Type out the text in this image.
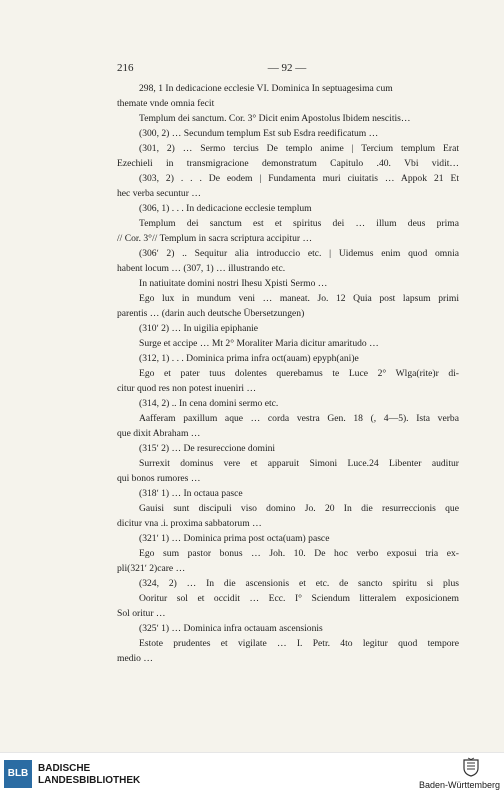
216	— 92 —
298, 1 In dedicacione ecclesie VI. Dominica In septuagesima cum
themate vnde omnia fecit
Templum dei sanctum. Cor. 3° Dicit enim Apostolus Ibidem nescitis…
(300, 2) … Secundum templum Est sub Esdra reedificatum …
(301, 2) … Sermo tercius De templo anime | Tercium templum Erat
Ezechieli in transmigracione demonstratum Capitulo .40. Vbi vidit…
(303, 2) . . . De eodem | Fundamenta muri ciuitatis … Appok 21 Et
hec verba secuntur …
(306, 1) . . . In dedicacione ecclesie templum
Templum dei sanctum est et spiritus dei … illum deus prima
// Cor. 3°// Templum in sacra scriptura accipitur …
(306ʹ 2) .. Sequitur alia introduccio etc. | Uidemus enim quod omnia
habent locum … (307, 1) … illustrando etc.
In natiuitate domini nostri Ihesu Xpisti Sermo …
Ego lux in mundum veni … maneat. Jo. 12 Quia post lapsum primi
parentis … (darin auch deutsche Übersetzungen)
(310ʹ 2) … In uigilia epiphanie
Surge et accipe … Mt 2° Moraliter Maria dicitur amaritudo …
(312, 1) . . . Dominica prima infra oct(auam) epyph(ani)e
Ego et pater tuus dolentes querebamus te Luce 2° Wlga(rite)r di-
citur quod res non potest inueniri …
(314, 2) .. In cena domini sermo etc.
Aafferam paxillum aque … corda vestra Gen. 18 (, 4—5). Ista verba
que dixit Abraham …
(315ʹ 2) … De resureccione domini
Surrexit dominus vere et apparuit Simoni Luce.24 Libenter auditur
qui bonos rumores …
(318ʹ 1) … In octaua pasce
Gauisi sunt discipuli viso domino Jo. 20 In die resurreccionis que
dicitur vna .i. proxima sabbatorum …
(321ʹ 1) … Dominica prima post octa(uam) pasce
Ego sum pastor bonus … Joh. 10. De hoc verbo exposui tria ex-
pli(321ʹ 2)care …
(324, 2) … In die ascensionis et etc. de sancto spiritu si plus
Ooritur sol et occidit … Ecc. I° Sciendum litteralem exposicionem
Sol oritur …
(325ʹ 1) … Dominica infra octauam ascensionis
Estote prudentes et vigilate … I. Petr. 4to legitur quod tempore
medio …
BLB BADISCHE
LANDESBIBLIOTHEK	Baden-Württemberg
